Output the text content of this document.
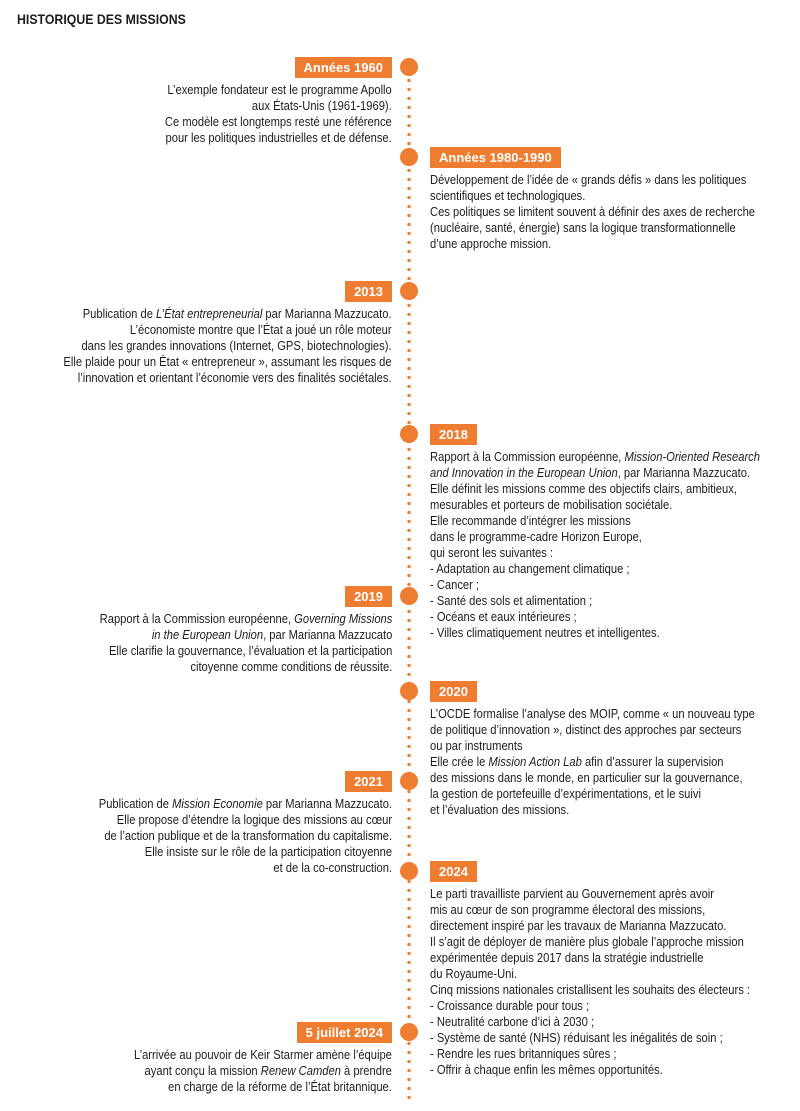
HISTORIQUE DES MISSIONS
Années 1960
L’exemple fondateur est le programme Apollo
aux États-Unis (1961-1969).
Ce modèle est longtemps resté une référence
pour les politiques industrielles et de défense.
Années 1980-1990
Développement de l’idée de « grands défis » dans les politiques
scientifiques et technologiques.
Ces politiques se limitent souvent à définir des axes de recherche
(nucléaire, santé, énergie) sans la logique transformationnelle
d’une approche mission.
2013
Publication de L’État entrepreneurial par Marianna Mazzucato.
L’économiste montre que l’État a joué un rôle moteur
dans les grandes innovations (Internet, GPS, biotechnologies).
Elle plaide pour un État « entrepreneur », assumant les risques de
l’innovation et orientant l’économie vers des finalités sociétales.
2018
Rapport à la Commission européenne, Mission-Oriented Research
and Innovation in the European Union, par Marianna Mazzucato.
Elle définit les missions comme des objectifs clairs, ambitieux,
mesurables et porteurs de mobilisation sociétale.
Elle recommande d’intégrer les missions
dans le programme-cadre Horizon Europe,
qui seront les suivantes :
- Adaptation au changement climatique ;
- Cancer ;
- Santé des sols et alimentation ;
- Océans et eaux intérieures ;
- Villes climatiquement neutres et intelligentes.
2019
Rapport à la Commission européenne, Governing Missions
in the European Union, par Marianna Mazzucato
Elle clarifie la gouvernance, l’évaluation et la participation
citoyenne comme conditions de réussite.
2020
L’OCDE formalise l’analyse des MOIP, comme « un nouveau type
de politique d’innovation », distinct des approches par secteurs
ou par instruments
Elle crée le Mission Action Lab afin d’assurer la supervision
des missions dans le monde, en particulier sur la gouvernance,
la gestion de portefeuille d’expérimentations, et le suivi
et l’évaluation des missions.
2021
Publication de Mission Economie par Marianna Mazzucato.
Elle propose d’étendre la logique des missions au cœur
de l’action publique et de la transformation du capitalisme.
Elle insiste sur le rôle de la participation citoyenne
et de la co-construction.	2024
Le parti travailliste parvient au Gouvernement après avoir
mis au cœur de son programme électoral des missions,
directement inspiré par les travaux de Marianna Mazzucato.
Il s’agit de déployer de manière plus globale l’approche mission
expérimentée depuis 2017 dans la stratégie industrielle
du Royaume-Uni.
Cinq missions nationales cristallisent les souhaits des électeurs :
- Croissance durable pour tous ;
- Neutralité carbone d’ici à 2030 ;
- Système de santé (NHS) réduisant les inégalités de soin ;
- Rendre les rues britanniques sûres ;
- Offrir à chaque enfin les mêmes opportunités.
5 juillet 2024
L’arrivée au pouvoir de Keir Starmer amène l’équipe
ayant conçu la mission Renew Camden à prendre
en charge de la réforme de l’État britannique.
